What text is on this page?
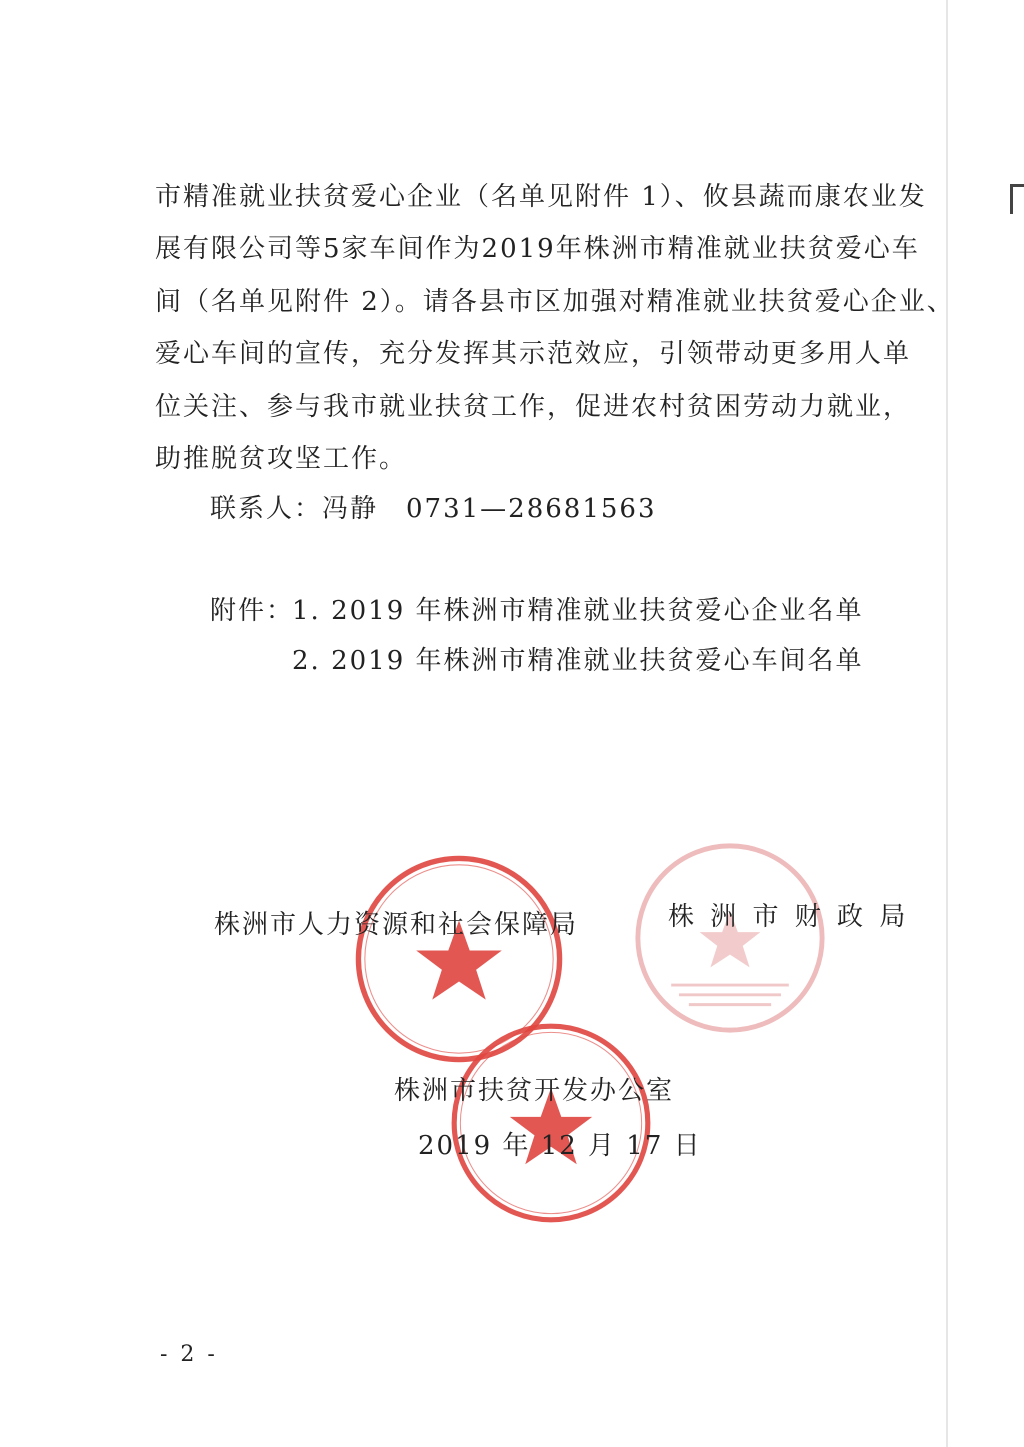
市精准就业扶贫爱心企业（名单见附件 1）、攸县蔬而康农业发
展有限公司等5家车间作为2019年株洲市精准就业扶贫爱心车
间（名单见附件 2）。请各县市区加强对精准就业扶贫爱心企业、
爱心车间的宣传，充分发挥其示范效应，引领带动更多用人单
位关注、参与我市就业扶贫工作，促进农村贫困劳动力就业，
助推脱贫攻坚工作。
联系人：冯静　0731—28681563
附件：
1. 2019 年株洲市精准就业扶贫爱心企业名单
2. 2019 年株洲市精准就业扶贫爱心车间名单
株洲市人力资源和社会保障局	株 洲 市 财 政 局
株洲市扶贫开发办公室
2019 年 12 月 17 日
- 2 -
